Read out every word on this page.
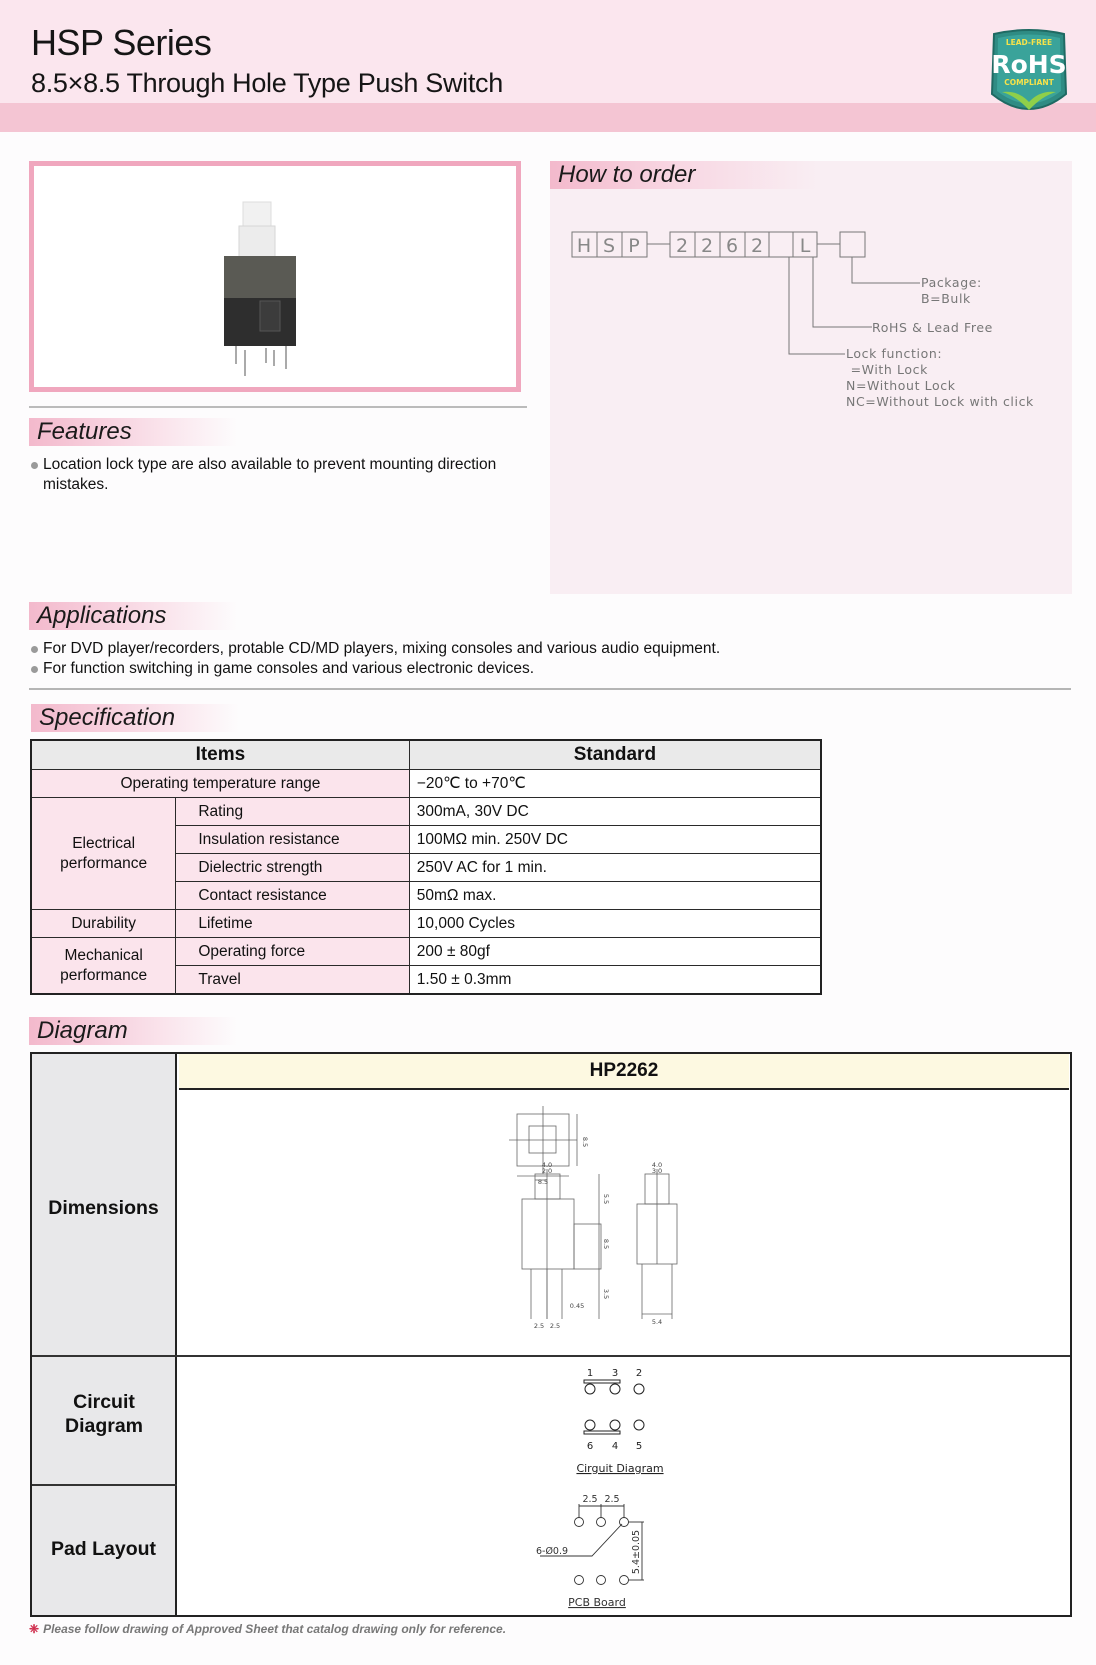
HSP Series
8.5×8.5 Through Hole Type Push Switch
LEAD-FREE
RoHS
COMPLIANT
Features
Location lock type are also available to prevent mounting direction mistakes.
How to order
H S P 2 2 6 2 L
Package:
B=Bulk
RoHS & Lead Free
Lock function:
=With Lock
N=Without Lock
NC=Without Lock with click
Applications
For DVD player/recorders, protable CD/MD players, mixing consoles and various audio equipment.
For function switching in game consoles and various electronic devices.
Specification
Items		Standard
Operating temperature range		−20℃ to +70℃
Electrical performance	Rating	300mA, 30V DC
	Insulation resistance	100MΩ min. 250V DC
	Dielectric strength	250V AC for 1 min.
	Contact resistance	50mΩ max.
Durability	Lifetime	10,000 Cycles
Mechanical performance	Operating force	200 ± 80gf
	Travel	1.50 ± 0.3mm
Diagram
Dimensions
Circuit Diagram
Pad Layout
HP2262
8.5
8.5
4.0
2.0
4.0
3.0
5.5
8.5
3.5
0.45
2.5 2.5	5.4
1 3 2
6 4 5
Cirguit Diagram
2.5 2.5
6-Ø0.9	5.4±0.05
PCB Board
❈ Please follow drawing of Approved Sheet that catalog drawing only for reference.
